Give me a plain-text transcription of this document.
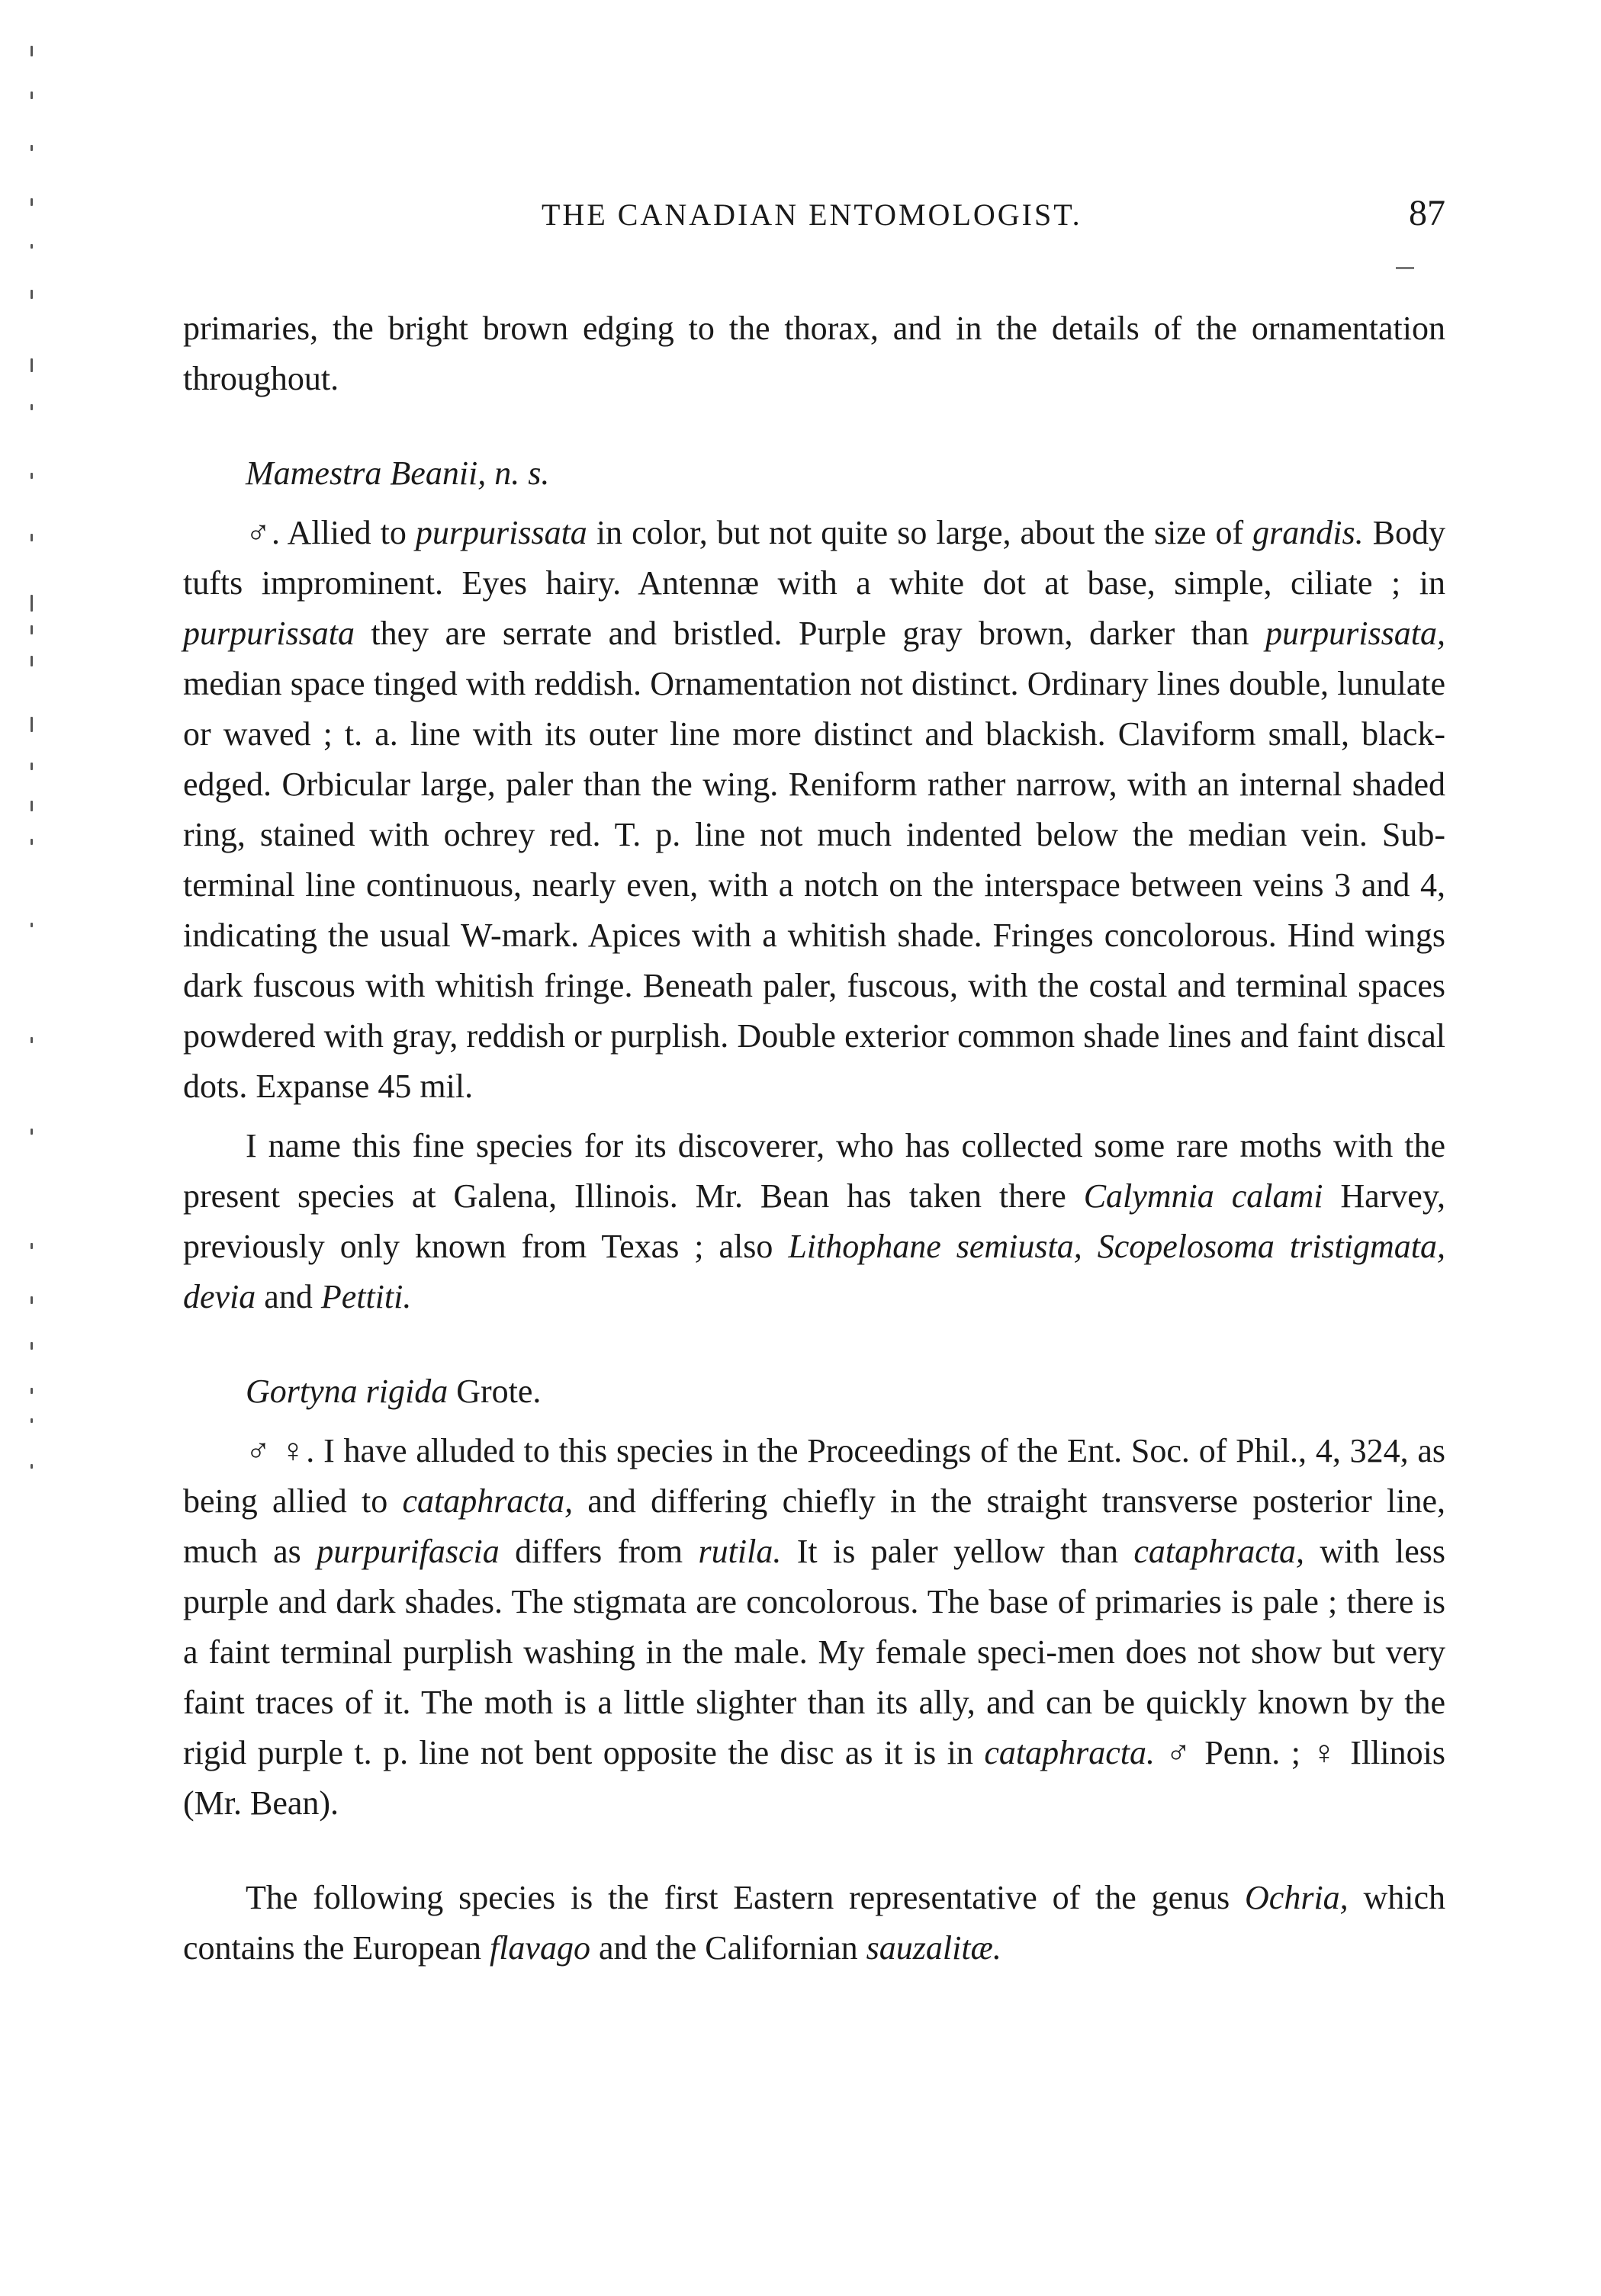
THE CANADIAN ENTOMOLOGIST.	87

primaries, the bright brown edging to the thorax, and in the details of the ornamentation throughout.

Mamestra Beanii, n. s.

♂. Allied to purpurissata in color, but not quite so large, about the size of grandis. Body tufts improminent. Eyes hairy. Antennæ with a white dot at base, simple, ciliate ; in purpurissata they are serrate and bristled. Purple gray brown, darker than purpurissata, median space tinged with reddish. Ornamentation not distinct. Ordinary lines double, lunulate or waved ; t. a. line with its outer line more distinct and blackish. Claviform small, black-edged. Orbicular large, paler than the wing. Reniform rather narrow, with an internal shaded ring, stained with ochrey red. T. p. line not much indented below the median vein. Sub-terminal line continuous, nearly even, with a notch on the interspace between veins 3 and 4, indicating the usual W-mark. Apices with a whitish shade. Fringes concolorous. Hind wings dark fuscous with whitish fringe. Beneath paler, fuscous, with the costal and terminal spaces powdered with gray, reddish or purplish. Double exterior common shade lines and faint discal dots. Expanse 45 mil.

I name this fine species for its discoverer, who has collected some rare moths with the present species at Galena, Illinois. Mr. Bean has taken there Calymnia calami Harvey, previously only known from Texas ; also Lithophane semiusta, Scopelosoma tristigmata, devia and Pettiti.

Gortyna rigida Grote.

♂ ♀. I have alluded to this species in the Proceedings of the Ent. Soc. of Phil., 4, 324, as being allied to cataphracta, and differing chiefly in the straight transverse posterior line, much as purpurifascia differs from rutila. It is paler yellow than cataphracta, with less purple and dark shades. The stigmata are concolorous. The base of primaries is pale ; there is a faint terminal purplish washing in the male. My female speci-men does not show but very faint traces of it. The moth is a little slighter than its ally, and can be quickly known by the rigid purple t. p. line not bent opposite the disc as it is in cataphracta. ♂ Penn. ; ♀ Illinois (Mr. Bean).

The following species is the first Eastern representative of the genus Ochria, which contains the European flavago and the Californian sauzalitæ.
